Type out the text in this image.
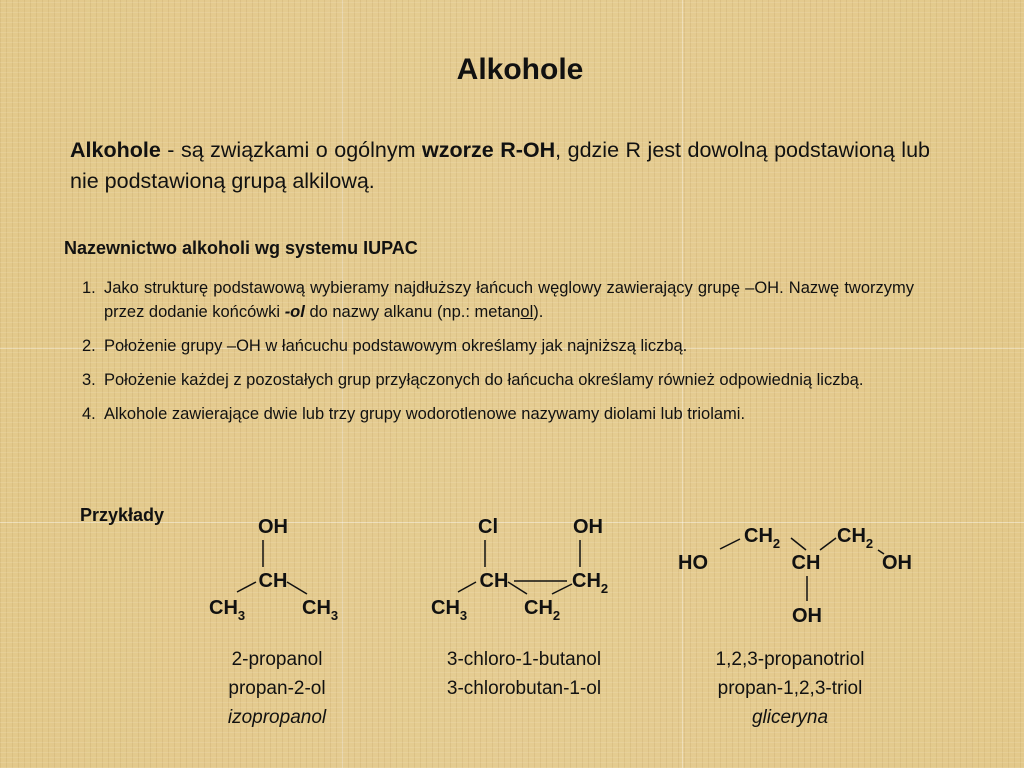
Alkohole

Alkohole - są związkami o ogólnym wzorze R-OH, gdzie R jest dowolną podstawioną lub nie podstawioną grupą alkilową.

Nazewnictwo alkoholi wg systemu IUPAC
1. Jako strukturę podstawową wybieramy najdłuższy łańcuch węglowy zawierający grupę –OH. Nazwę tworzymy przez dodanie końcówki -ol do nazwy alkanu (np.: metanol).
2. Położenie grupy –OH w łańcuchu podstawowym określamy jak najniższą liczbą.
3. Położenie każdej z pozostałych grup przyłączonych do łańcucha określamy również odpowiednią liczbą.
4. Alkohole zawierające dwie lub trzy grupy wodorotlenowe nazywamy diolami lub triolami.
Przykłady
OH
CH
$CH_3$	$CH_3$
Cl	OH
CH	$CH_2$
$CH_3$	$CH_2$
$CH_2$	$CH_2$
HO	CH	OH
OH
2-propanol
propan-2-ol
izopropanol
3-chloro-1-butanol
3-chlorobutan-1-ol
1,2,3-propanotriol
propan-1,2,3-triol
gliceryna
